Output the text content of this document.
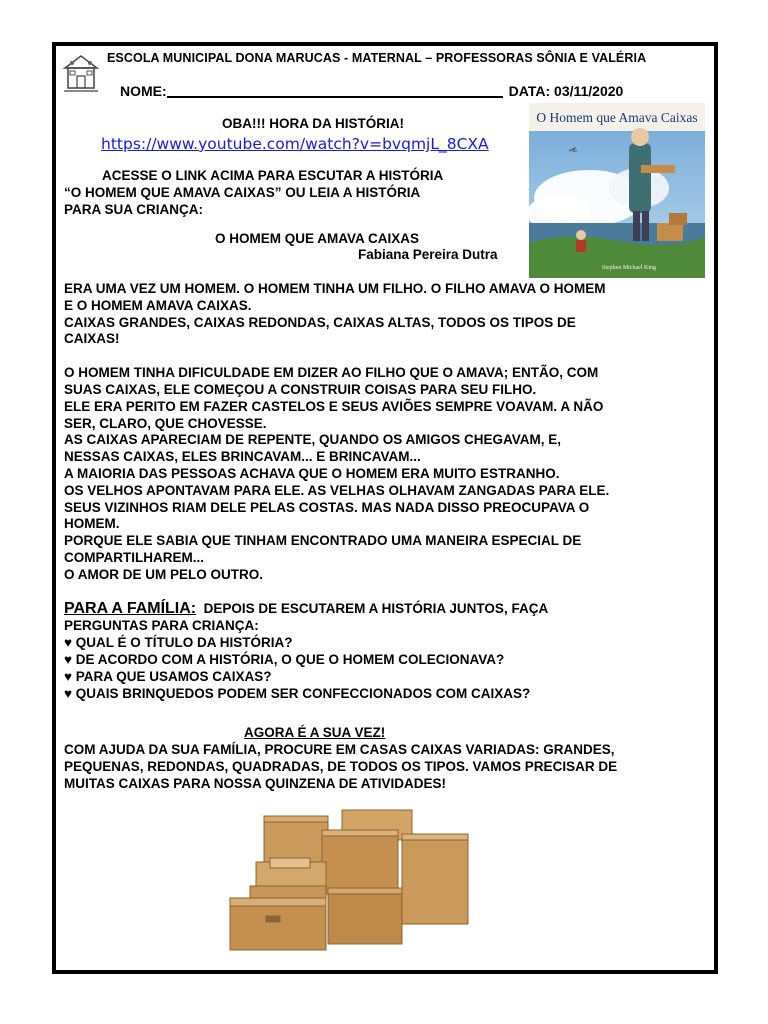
ESCOLA MUNICIPAL DONA MARUCAS - MATERNAL – PROFESSORAS SÔNIA E VALÉRIA
NOME:	DATA: 03/11/2020
OBA!!! HORA DA HISTÓRIA!
https://www.youtube.com/watch?v=bvqmjL_8CXA
ACESSE O LINK ACIMA PARA ESCUTAR A HISTÓRIA
“O HOMEM QUE AMAVA CAIXAS” OU LEIA A HISTÓRIA
PARA SUA CRIANÇA:
O HOMEM QUE AMAVA CAIXAS
Fabiana Pereira Dutra
O Homem que Amava Caixas
Stephen Michael King

ERA UMA VEZ UM HOMEM. O HOMEM TINHA UM FILHO. O FILHO AMAVA O HOMEM

E O HOMEM AMAVA CAIXAS.

CAIXAS GRANDES, CAIXAS REDONDAS, CAIXAS ALTAS, TODOS OS TIPOS DE

CAIXAS!

O HOMEM TINHA DIFICULDADE EM DIZER AO FILHO QUE O AMAVA; ENTÃO, COM

SUAS CAIXAS, ELE COMEÇOU A CONSTRUIR COISAS PARA SEU FILHO.

ELE ERA PERITO EM FAZER CASTELOS E SEUS AVIÕES SEMPRE VOAVAM. A NÃO

SER, CLARO, QUE CHOVESSE.

AS CAIXAS APARECIAM DE REPENTE, QUANDO OS AMIGOS CHEGAVAM, E,

NESSAS CAIXAS, ELES BRINCAVAM... E BRINCAVAM...

A MAIORIA DAS PESSOAS ACHAVA QUE O HOMEM ERA MUITO ESTRANHO.

OS VELHOS APONTAVAM PARA ELE. AS VELHAS OLHAVAM ZANGADAS PARA ELE.

SEUS VIZINHOS RIAM DELE PELAS COSTAS. MAS NADA DISSO PREOCUPAVA O

HOMEM.

PORQUE ELE SABIA QUE TINHAM ENCONTRADO UMA MANEIRA ESPECIAL DE

COMPARTILHAREM...

O AMOR DE UM PELO OUTRO.

PARA A FAMÍLIA: DEPOIS DE ESCUTAREM A HISTÓRIA JUNTOS, FAÇA
PERGUNTAS PARA CRIANÇA:
♥ QUAL É O TÍTULO DA HISTÓRIA?
♥ DE ACORDO COM A HISTÓRIA, O QUE O HOMEM COLECIONAVA?
♥ PARA QUE USAMOS CAIXAS?
♥ QUAIS BRINQUEDOS PODEM SER CONFECCIONADOS COM CAIXAS?
AGORA É A SUA VEZ!
COM AJUDA DA SUA FAMÍLIA, PROCURE EM CASAS CAIXAS VARIADAS: GRANDES,
PEQUENAS, REDONDAS, QUADRADAS, DE TODOS OS TIPOS. VAMOS PRECISAR DE
MUITAS CAIXAS PARA NOSSA QUINZENA DE ATIVIDADES!
